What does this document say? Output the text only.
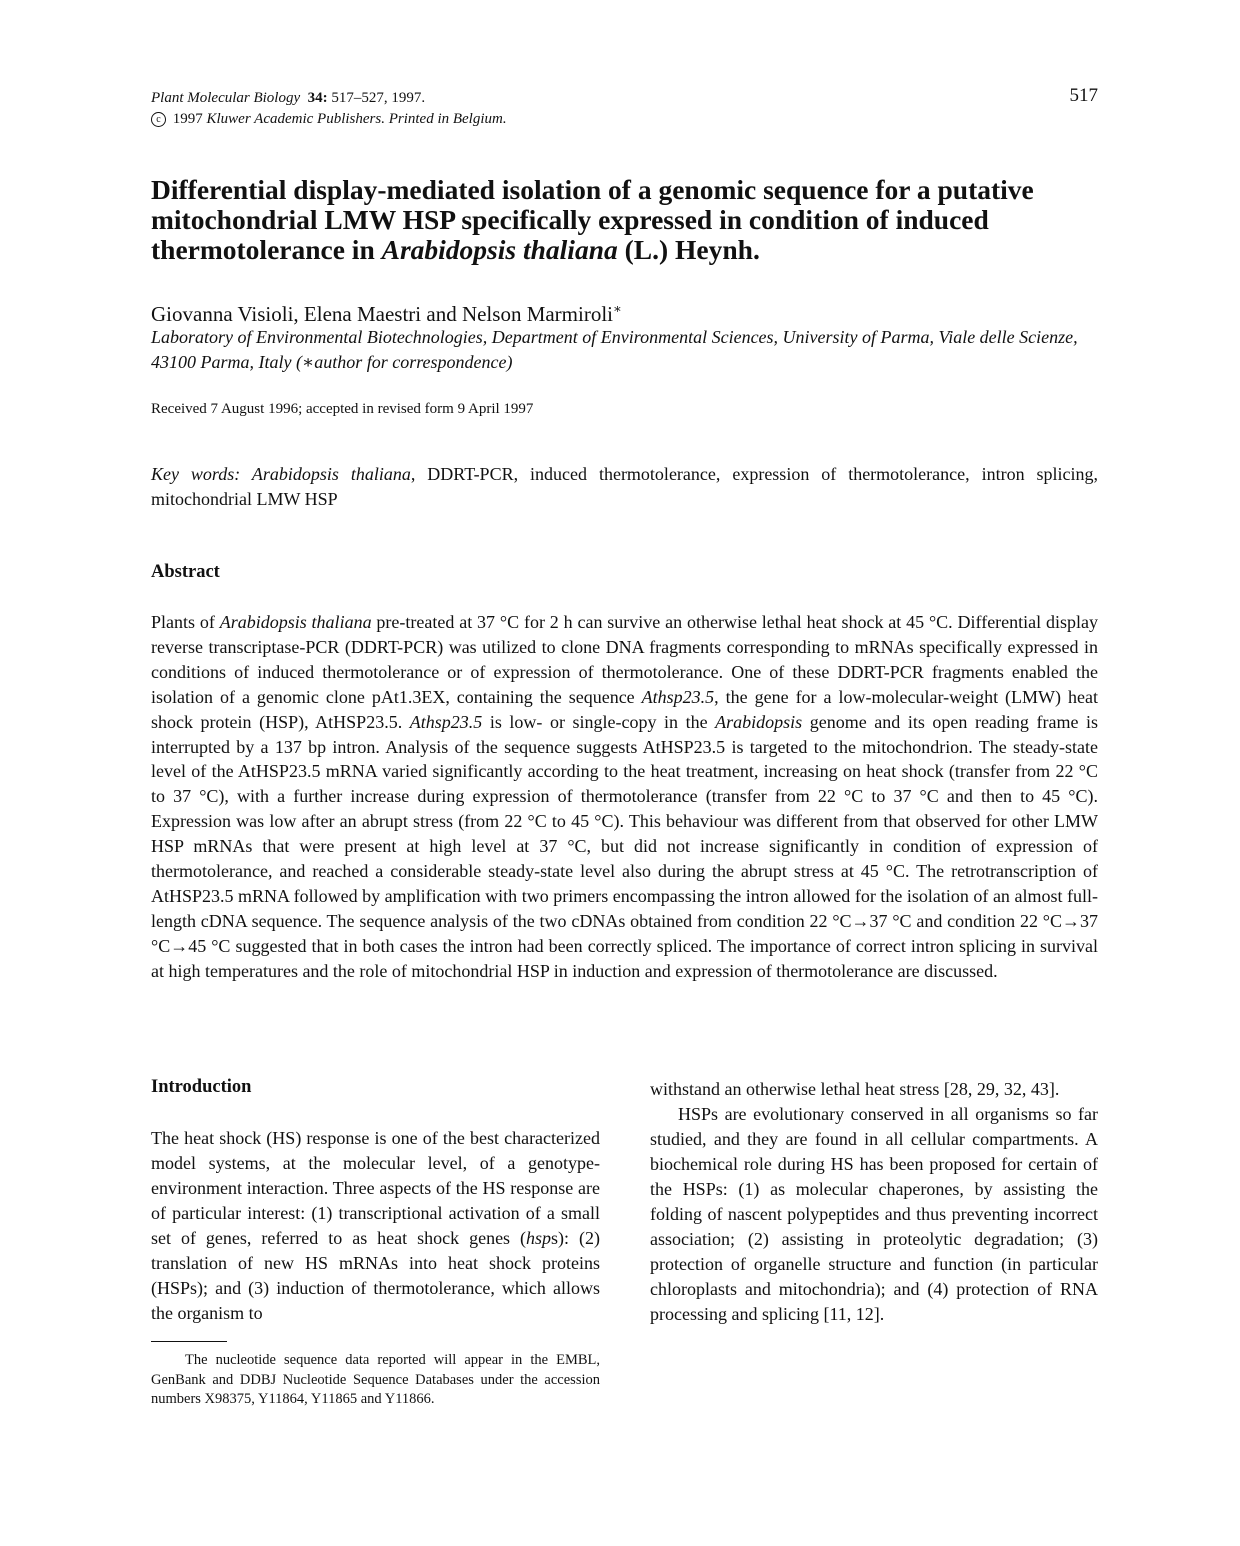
Plant Molecular Biology 34: 517–527, 1997.
c 1997 Kluwer Academic Publishers. Printed in Belgium.
517
Differential display-mediated isolation of a genomic sequence for a putative mitochondrial LMW HSP specifically expressed in condition of induced thermotolerance in Arabidopsis thaliana (L.) Heynh.
Giovanna Visioli, Elena Maestri and Nelson Marmiroli∗
Laboratory of Environmental Biotechnologies, Department of Environmental Sciences, University of Parma, Viale delle Scienze, 43100 Parma, Italy (∗author for correspondence)
Received 7 August 1996; accepted in revised form 9 April 1997
Key words: Arabidopsis thaliana, DDRT-PCR, induced thermotolerance, expression of thermotolerance, intron splicing, mitochondrial LMW HSP
Abstract
Plants of Arabidopsis thaliana pre-treated at 37 °C for 2 h can survive an otherwise lethal heat shock at 45 °C. Differential display reverse transcriptase-PCR (DDRT-PCR) was utilized to clone DNA fragments corresponding to mRNAs specifically expressed in conditions of induced thermotolerance or of expression of thermotolerance. One of these DDRT-PCR fragments enabled the isolation of a genomic clone pAt1.3EX, containing the sequence Athsp23.5, the gene for a low-molecular-weight (LMW) heat shock protein (HSP), AtHSP23.5. Athsp23.5 is low- or single-copy in the Arabidopsis genome and its open reading frame is interrupted by a 137 bp intron. Analysis of the sequence suggests AtHSP23.5 is targeted to the mitochondrion. The steady-state level of the AtHSP23.5 mRNA varied significantly according to the heat treatment, increasing on heat shock (transfer from 22 °C to 37 °C), with a further increase during expression of thermotolerance (transfer from 22 °C to 37 °C and then to 45 °C). Expression was low after an abrupt stress (from 22 °C to 45 °C). This behaviour was different from that observed for other LMW HSP mRNAs that were present at high level at 37 °C, but did not increase significantly in condition of expression of thermotolerance, and reached a considerable steady-state level also during the abrupt stress at 45 °C. The retrotranscription of AtHSP23.5 mRNA followed by amplification with two primers encompassing the intron allowed for the isolation of an almost full-length cDNA sequence. The sequence analysis of the two cDNAs obtained from condition 22 °C→37 °C and condition 22 °C→37 °C→45 °C suggested that in both cases the intron had been correctly spliced. The importance of correct intron splicing in survival at high temperatures and the role of mitochondrial HSP in induction and expression of thermotolerance are discussed.
Introduction
The heat shock (HS) response is one of the best characterized model systems, at the molecular level, of a genotype-environment interaction. Three aspects of the HS response are of particular interest: (1) transcriptional activation of a small set of genes, referred to as heat shock genes (hsps): (2) translation of new HS mRNAs into heat shock proteins (HSPs); and (3) induction of thermotolerance, which allows the organism to

withstand an otherwise lethal heat stress [28, 29, 32, 43].

HSPs are evolutionary conserved in all organisms so far studied, and they are found in all cellular compartments. A biochemical role during HS has been proposed for certain of the HSPs: (1) as molecular chaperones, by assisting the folding of nascent polypeptides and thus preventing incorrect association; (2) assisting in proteolytic degradation; (3) protection of organelle structure and function (in particular chloroplasts and mitochondria); and (4) protection of RNA processing and splicing [11, 12].

The nucleotide sequence data reported will appear in the EMBL, GenBank and DDBJ Nucleotide Sequence Databases under the accession numbers X98375, Y11864, Y11865 and Y11866.
